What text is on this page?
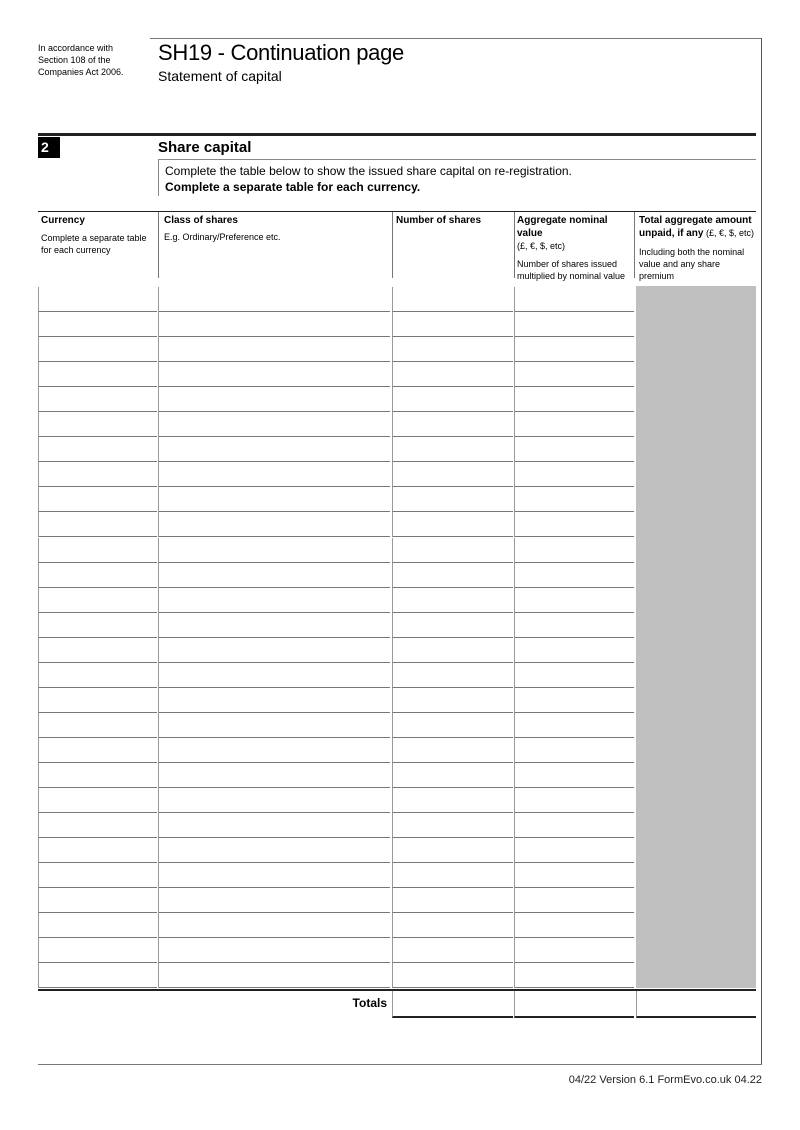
In accordance with
Section 108 of the
Companies Act 2006.
SH19 - Continuation page
Statement of capital
2	Share capital
Complete the table below to show the issued share capital on re-registration.
Complete a separate table for each currency.
Currency
Complete a separate table for each currency
Class of shares
E.g. Ordinary/Preference etc.
Number of shares	Aggregate nominal value
(£, €, $, etc)
Number of shares issued multiplied by nominal value
Total aggregate amount unpaid, if any (£, €, $, etc)
Including both the nominal value and any share premium
Totals
04/22 Version 6.1 FormEvo.co.uk 04.22
